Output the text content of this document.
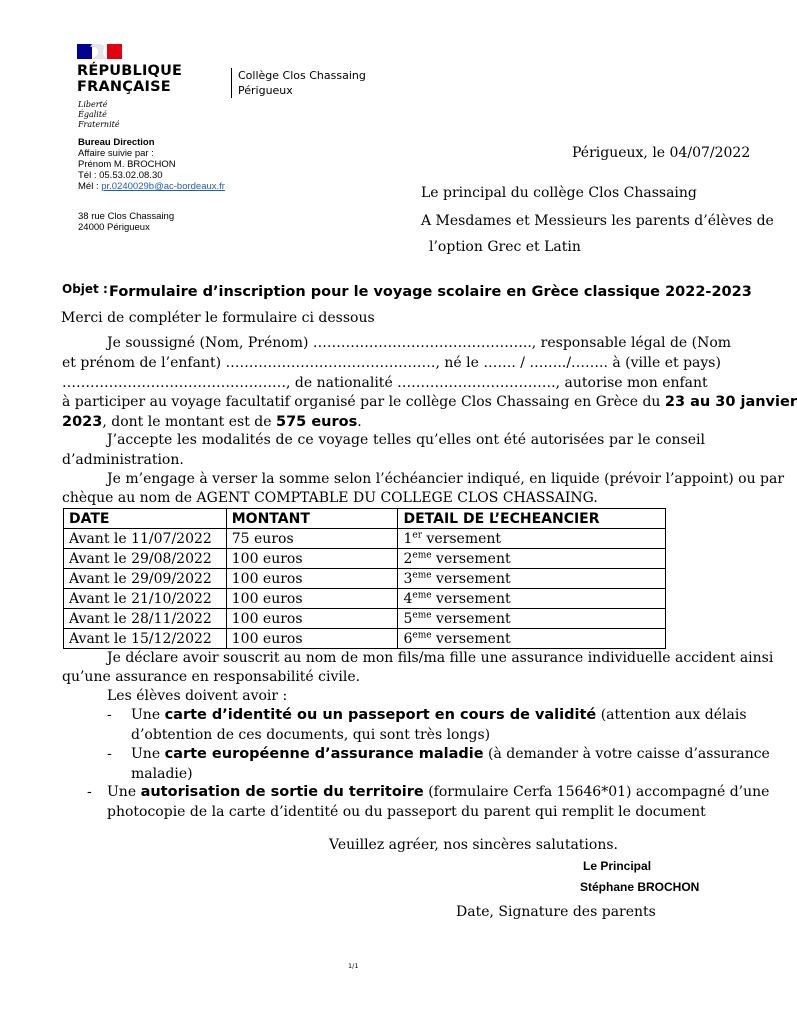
RÉPUBLIQUE
FRANÇAISE
Liberté
Égalité
Fraternité
Collège Clos Chassaing
Périgueux
Bureau Direction
Affaire suivie par :
Prénom M. BROCHON
Tél : 05.53.02.08.30
Mél : pr.0240029b@ac-bordeaux.fr
38 rue Clos Chassaing
24000 Périgueux
Périgueux, le 04/07/2022
Le principal du collège Clos Chassaing
A Mesdames et Messieurs les parents d’élèves de
l’option Grec et Latin
Objet : Formulaire d’inscription pour le voyage scolaire en Grèce classique 2022-2023
Merci de compléter le formulaire ci dessous
Je soussigné (Nom, Prénom) ……………………………………….., responsable légal de (Nom
et prénom de l’enfant) ………………………………………, né le ……. / ……../…….. à (ville et pays)
…………………………………………, de nationalité ……………………………., autorise mon enfant
à participer au voyage facultatif organisé par le collège Clos Chassaing en Grèce du 23 au 30 janvier
2023, dont le montant est de 575 euros.
J’accepte les modalités de ce voyage telles qu’elles ont été autorisées par le conseil
d’administration.
Je m’engage à verser la somme selon l’échéancier indiqué, en liquide (prévoir l’appoint) ou par
chèque au nom de AGENT COMPTABLE DU COLLEGE CLOS CHASSAING.
DATE	MONTANT	DETAIL DE L’ECHEANCIER
Avant le 11/07/2022	75 euros	1er versement
Avant le 29/08/2022	100 euros	2eme versement
Avant le 29/09/2022	100 euros	3eme versement
Avant le 21/10/2022	100 euros	4eme versement
Avant le 28/11/2022	100 euros	5eme versement
Avant le 15/12/2022	100 euros	6eme versement
Je déclare avoir souscrit au nom de mon fils/ma fille une assurance individuelle accident ainsi
qu’une assurance en responsabilité civile.
Les élèves doivent avoir :
- Une carte d’identité ou un passeport en cours de validité (attention aux délais
d’obtention de ces documents, qui sont très longs)
- Une carte européenne d’assurance maladie (à demander à votre caisse d’assurance
maladie)
- Une autorisation de sortie du territoire (formulaire Cerfa 15646*01) accompagné d’une
photocopie de la carte d’identité ou du passeport du parent qui remplit le document
Veuillez agréer, nos sincères salutations.
Le Principal
Stéphane BROCHON
Date, Signature des parents
1/1
